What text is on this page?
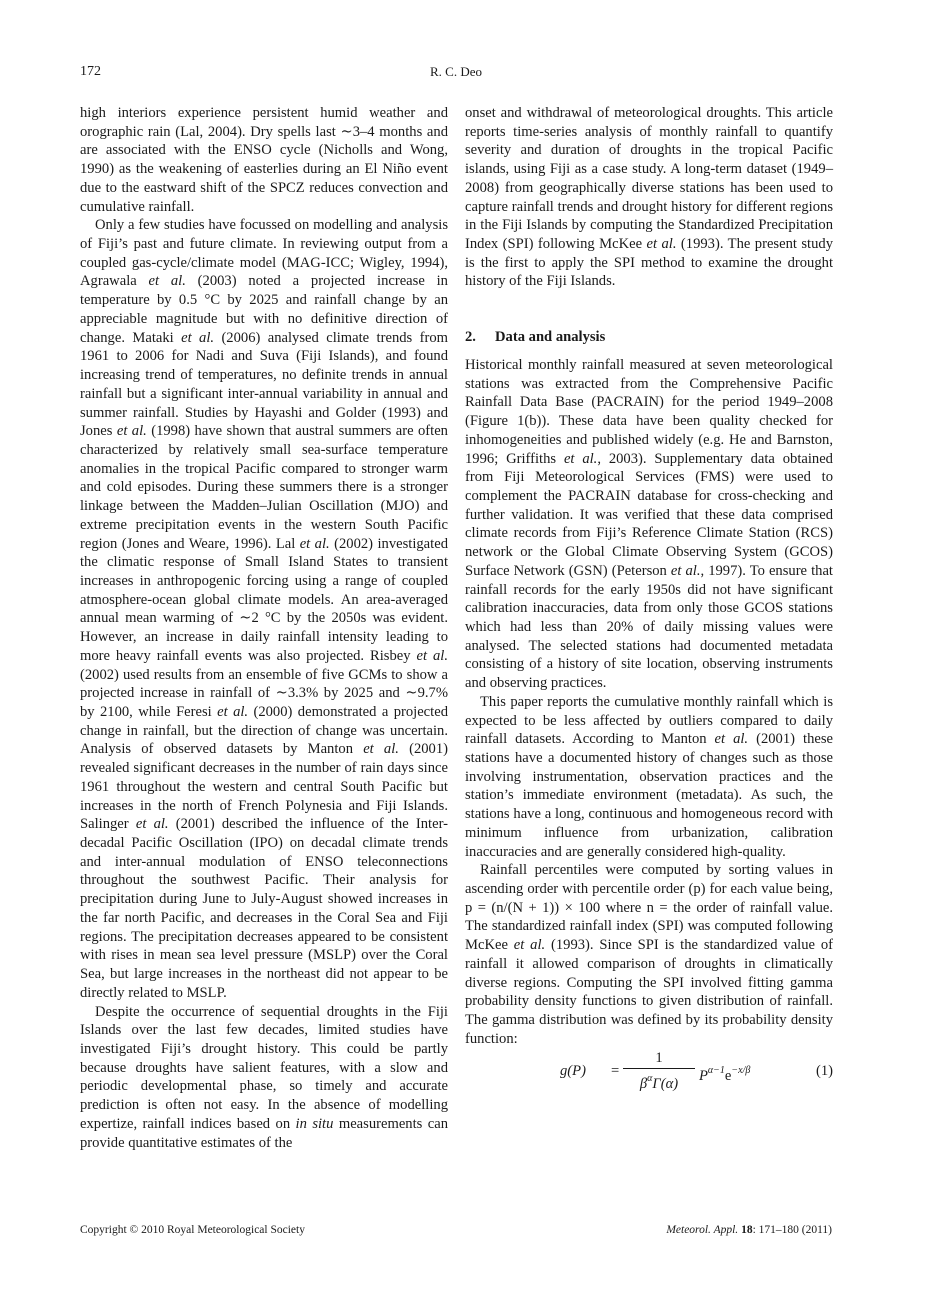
172	R. C. Deo

high interiors experience persistent humid weather and orographic rain (Lal, 2004). Dry spells last ∼3–4 months and are associated with the ENSO cycle (Nicholls and Wong, 1990) as the weakening of easterlies during an El Niño event due to the eastward shift of the SPCZ reduces convection and cumulative rainfall.

Only a few studies have focussed on modelling and analysis of Fiji’s past and future climate. In reviewing output from a coupled gas-cycle/climate model (MAG-ICC; Wigley, 1994), Agrawala et al. (2003) noted a projected increase in temperature by 0.5 °C by 2025 and rainfall change by an appreciable magnitude but with no definitive direction of change. Mataki et al. (2006) analysed climate trends from 1961 to 2006 for Nadi and Suva (Fiji Islands), and found increasing trend of temperatures, no definite trends in annual rainfall but a significant inter-annual variability in annual and summer rainfall. Studies by Hayashi and Golder (1993) and Jones et al. (1998) have shown that austral summers are often characterized by relatively small sea-surface temperature anomalies in the tropical Pacific compared to stronger warm and cold episodes. During these summers there is a stronger linkage between the Madden–Julian Oscillation (MJO) and extreme precipitation events in the western South Pacific region (Jones and Weare, 1996). Lal et al. (2002) investigated the climatic response of Small Island States to transient increases in anthropogenic forcing using a range of coupled atmosphere-ocean global climate models. An area-averaged annual mean warming of ∼2 °C by the 2050s was evident. However, an increase in daily rainfall intensity leading to more heavy rainfall events was also projected. Risbey et al. (2002) used results from an ensemble of five GCMs to show a projected increase in rainfall of ∼3.3% by 2025 and ∼9.7% by 2100, while Feresi et al. (2000) demonstrated a projected change in rainfall, but the direction of change was uncertain. Analysis of observed datasets by Manton et al. (2001) revealed significant decreases in the number of rain days since 1961 throughout the western and central South Pacific but increases in the north of French Polynesia and Fiji Islands. Salinger et al. (2001) described the influence of the Inter-decadal Pacific Oscillation (IPO) on decadal climate trends and inter-annual modulation of ENSO teleconnections throughout the southwest Pacific. Their analysis for precipitation during June to July-August showed increases in the far north Pacific, and decreases in the Coral Sea and Fiji regions. The precipitation decreases appeared to be consistent with rises in mean sea level pressure (MSLP) over the Coral Sea, but large increases in the northeast did not appear to be directly related to MSLP.

Despite the occurrence of sequential droughts in the Fiji Islands over the last few decades, limited studies have investigated Fiji’s drought history. This could be partly because droughts have salient features, with a slow and periodic developmental phase, so timely and accurate prediction is often not easy. In the absence of modelling expertize, rainfall indices based on in situ measurements can provide quantitative estimates of the

onset and withdrawal of meteorological droughts. This article reports time-series analysis of monthly rainfall to quantify severity and duration of droughts in the tropical Pacific islands, using Fiji as a case study. A long-term dataset (1949–2008) from geographically diverse stations has been used to capture rainfall trends and drought history for different regions in the Fiji Islands by computing the Standardized Precipitation Index (SPI) following McKee et al. (1993). The present study is the first to apply the SPI method to examine the drought history of the Fiji Islands.

2. Data and analysis

Historical monthly rainfall measured at seven meteorological stations was extracted from the Comprehensive Pacific Rainfall Data Base (PACRAIN) for the period 1949–2008 (Figure 1(b)). These data have been quality checked for inhomogeneities and published widely (e.g. He and Barnston, 1996; Griffiths et al., 2003). Supplementary data obtained from Fiji Meteorological Services (FMS) were used to complement the PACRAIN database for cross-checking and further validation. It was verified that these data comprised climate records from Fiji’s Reference Climate Station (RCS) network or the Global Climate Observing System (GCOS) Surface Network (GSN) (Peterson et al., 1997). To ensure that rainfall records for the early 1950s did not have significant calibration inaccuracies, data from only those GCOS stations which had less than 20% of daily missing values were analysed. The selected stations had documented metadata consisting of a history of site location, observing instruments and observing practices.

This paper reports the cumulative monthly rainfall which is expected to be less affected by outliers compared to daily rainfall datasets. According to Manton et al. (2001) these stations have a documented history of changes such as those involving instrumentation, observation practices and the station’s immediate environment (metadata). As such, the stations have a long, continuous and homogeneous record with minimum influence from urbanization, calibration inaccuracies and are generally considered high-quality.

Rainfall percentiles were computed by sorting values in ascending order with percentile order (p) for each value being, p = (n/(N + 1)) × 100 where n = the order of rainfall value. The standardized rainfall index (SPI) was computed following McKee et al. (1993). Since SPI is the standardized value of rainfall it allowed comparison of droughts in climatically diverse regions. Computing the SPI involved fitting gamma probability density functions to given distribution of rainfall. The gamma distribution was defined by its probability density function:

g(P) =
1
$\beta^\alpha\Gamma(\alpha)$	$P^{\alpha-1}e^{-x/\beta}$	(1)
Copyright © 2010 Royal Meteorological Society	Meteorol. Appl. 18: 171–180 (2011)
